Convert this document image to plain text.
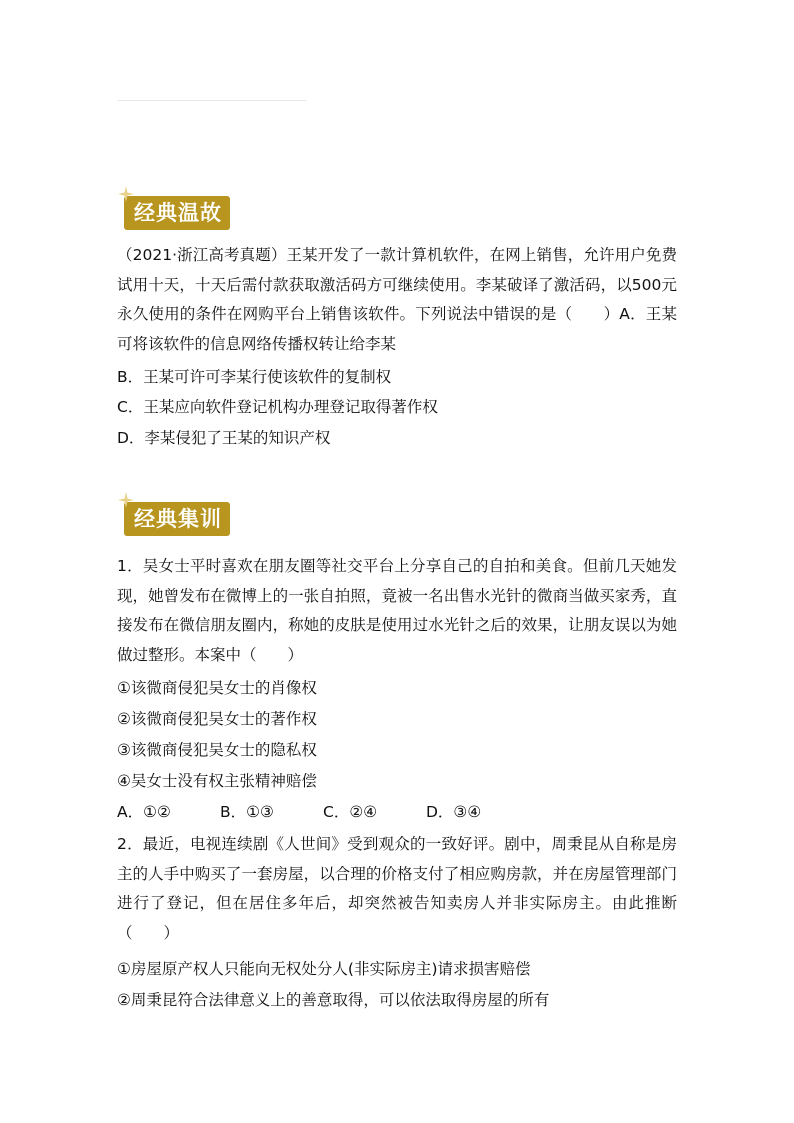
经典温故
（2021·浙江高考真题）王某开发了一款计算机软件，在网上销售，允许用户免费试用十天，十天后需付款获取激活码方可继续使用。李某破译了激活码，以500元永久使用的条件在网购平台上销售该软件。下列说法中错误的是（　　）A．王某可将该软件的信息网络传播权转让给李某
B．王某可许可李某行使该软件的复制权
C．王某应向软件登记机构办理登记取得著作权
D．李某侵犯了王某的知识产权
经典集训
1．吴女士平时喜欢在朋友圈等社交平台上分享自己的自拍和美食。但前几天她发现，她曾发布在微博上的一张自拍照，竟被一名出售水光针的微商当做买家秀，直接发布在微信朋友圈内，称她的皮肤是使用过水光针之后的效果，让朋友误以为她做过整形。本案中（　　）
①该微商侵犯吴女士的肖像权
②该微商侵犯吴女士的著作权
③该微商侵犯吴女士的隐私权
④吴女士没有权主张精神赔偿
A．①②	B．①③	C．②④	D．③④
2．最近，电视连续剧《人世间》受到观众的一致好评。剧中，周秉昆从自称是房主的人手中购买了一套房屋，以合理的价格支付了相应购房款，并在房屋管理部门进行了登记，但在居住多年后，却突然被告知卖房人并非实际房主。由此推断（　　）
①房屋原产权人只能向无权处分人(非实际房主)请求损害赔偿
②周秉昆符合法律意义上的善意取得，可以依法取得房屋的所有
